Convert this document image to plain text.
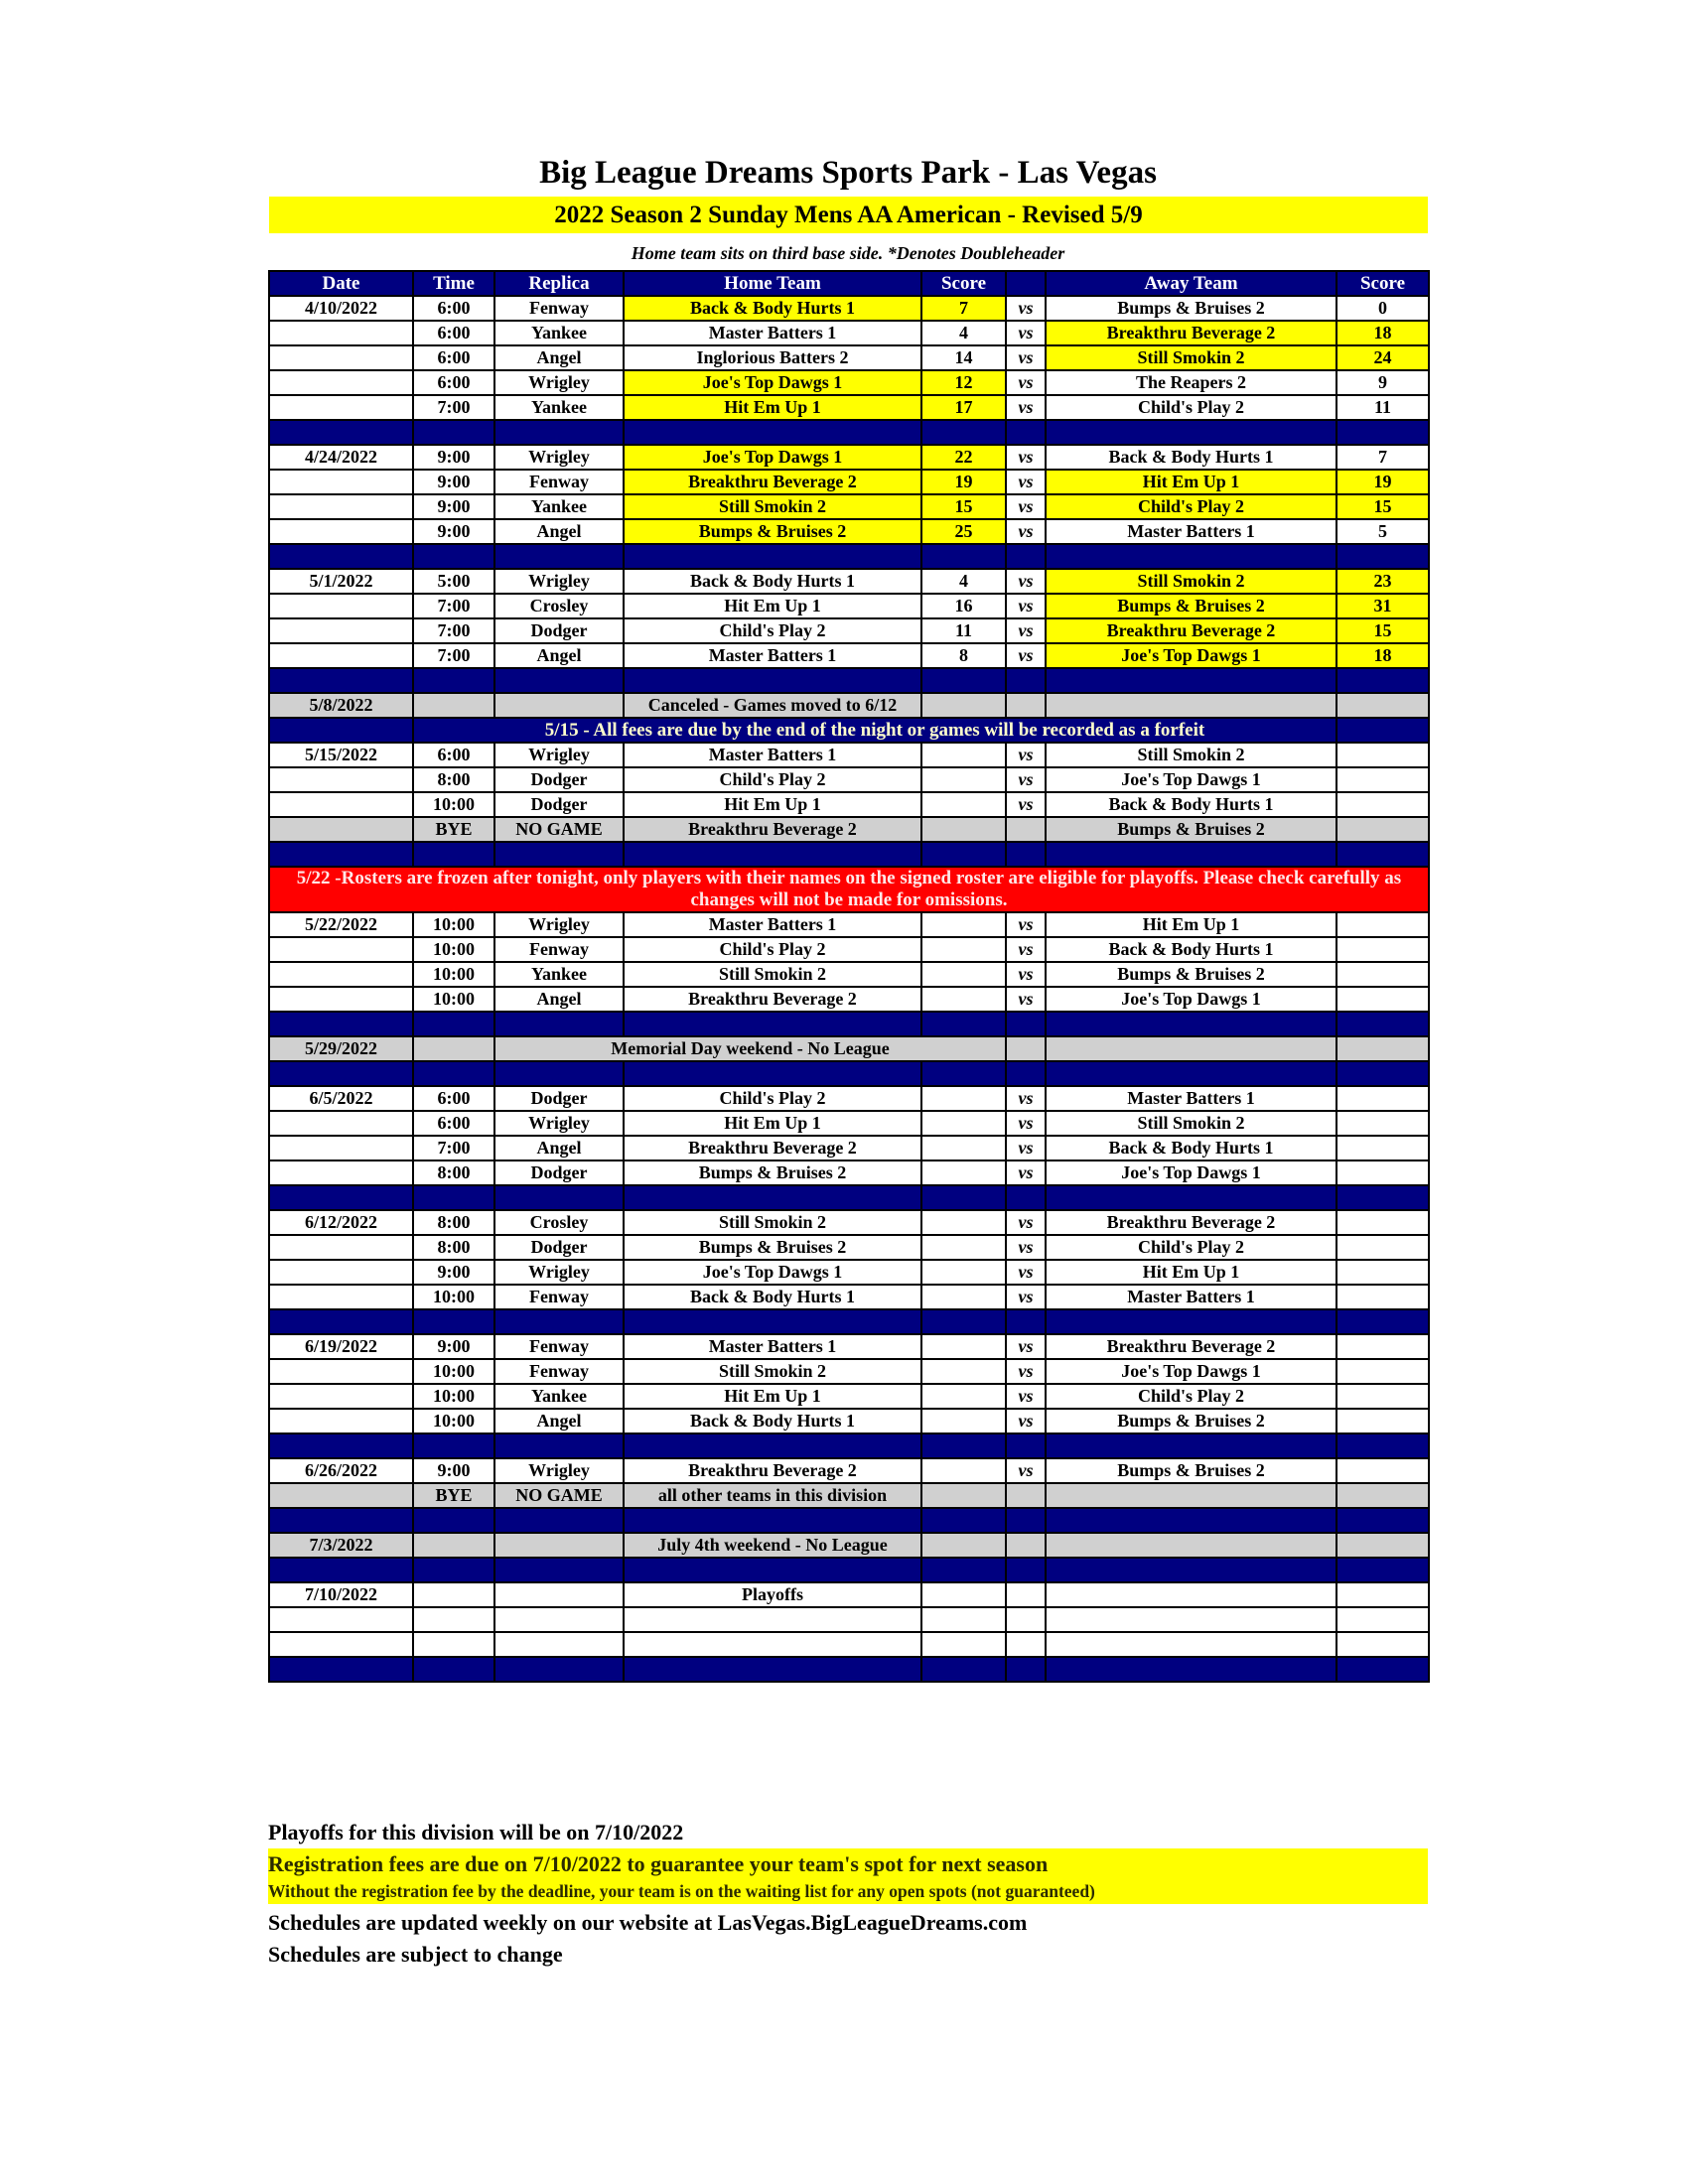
Big League Dreams Sports Park - Las Vegas
2022 Season 2 Sunday Mens AA American - Revised 5/9
Home team sits on third base side. *Denotes Doubleheader
Date	Time	Replica	Home Team	Score		Away Team	Score
4/10/2022	6:00	Fenway	Back & Body Hurts 1	7	vs	Bumps & Bruises 2	0
	6:00	Yankee	Master Batters 1	4	vs	Breakthru Beverage 2	18
	6:00	Angel	Inglorious Batters 2	14	vs	Still Smokin 2	24
	6:00	Wrigley	Joe's Top Dawgs 1	12	vs	The Reapers 2	9
	7:00	Yankee	Hit Em Up 1	17	vs	Child's Play 2	11

4/24/2022	9:00	Wrigley	Joe's Top Dawgs 1	22	vs	Back & Body Hurts 1	7
	9:00	Fenway	Breakthru Beverage 2	19	vs	Hit Em Up 1	19
	9:00	Yankee	Still Smokin 2	15	vs	Child's Play 2	15
	9:00	Angel	Bumps & Bruises 2	25	vs	Master Batters 1	5

5/1/2022	5:00	Wrigley	Back & Body Hurts 1	4	vs	Still Smokin 2	23
	7:00	Crosley	Hit Em Up 1	16	vs	Bumps & Bruises 2	31
	7:00	Dodger	Child's Play 2	11	vs	Breakthru Beverage 2	15
	7:00	Angel	Master Batters 1	8	vs	Joe's Top Dawgs 1	18

5/8/2022			Canceled - Games moved to 6/12				
	5/15 - All fees are due by the end of the night or games will be recorded as a forfeit						
5/15/2022	6:00	Wrigley	Master Batters 1		vs	Still Smokin 2	
	8:00	Dodger	Child's Play 2		vs	Joe's Top Dawgs 1	
	10:00	Dodger	Hit Em Up 1		vs	Back & Body Hurts 1	
	BYE	NO GAME	Breakthru Beverage 2			Bumps & Bruises 2	

5/22 -Rosters are frozen after tonight, only players with their names on the signed roster are eligible for playoffs. Please check carefully as changes will not be made for omissions.							
5/22/2022	10:00	Wrigley	Master Batters 1		vs	Hit Em Up 1	
	10:00	Fenway	Child's Play 2		vs	Back & Body Hurts 1	
	10:00	Yankee	Still Smokin 2		vs	Bumps & Bruises 2	
	10:00	Angel	Breakthru Beverage 2		vs	Joe's Top Dawgs 1	

5/29/2022		Memorial Day weekend - No League					

6/5/2022	6:00	Dodger	Child's Play 2		vs	Master Batters 1	
	6:00	Wrigley	Hit Em Up 1		vs	Still Smokin 2	
	7:00	Angel	Breakthru Beverage 2		vs	Back & Body Hurts 1	
	8:00	Dodger	Bumps & Bruises 2		vs	Joe's Top Dawgs 1	

6/12/2022	8:00	Crosley	Still Smokin 2		vs	Breakthru Beverage 2	
	8:00	Dodger	Bumps & Bruises 2		vs	Child's Play 2	
	9:00	Wrigley	Joe's Top Dawgs 1		vs	Hit Em Up 1	
	10:00	Fenway	Back & Body Hurts 1		vs	Master Batters 1	

6/19/2022	9:00	Fenway	Master Batters 1		vs	Breakthru Beverage 2	
	10:00	Fenway	Still Smokin 2		vs	Joe's Top Dawgs 1	
	10:00	Yankee	Hit Em Up 1		vs	Child's Play 2	
	10:00	Angel	Back & Body Hurts 1		vs	Bumps & Bruises 2	

6/26/2022	9:00	Wrigley	Breakthru Beverage 2		vs	Bumps & Bruises 2	
	BYE	NO GAME	all other teams in this division				

7/3/2022			July 4th weekend - No League				

7/10/2022			Playoffs				

Playoffs for this division will be on 7/10/2022
Registration fees are due on 7/10/2022 to guarantee your team's spot for next season
Without the registration fee by the deadline, your team is on the waiting list for any open spots (not guaranteed)
Schedules are updated weekly on our website at LasVegas.BigLeagueDreams.com
Schedules are subject to change
